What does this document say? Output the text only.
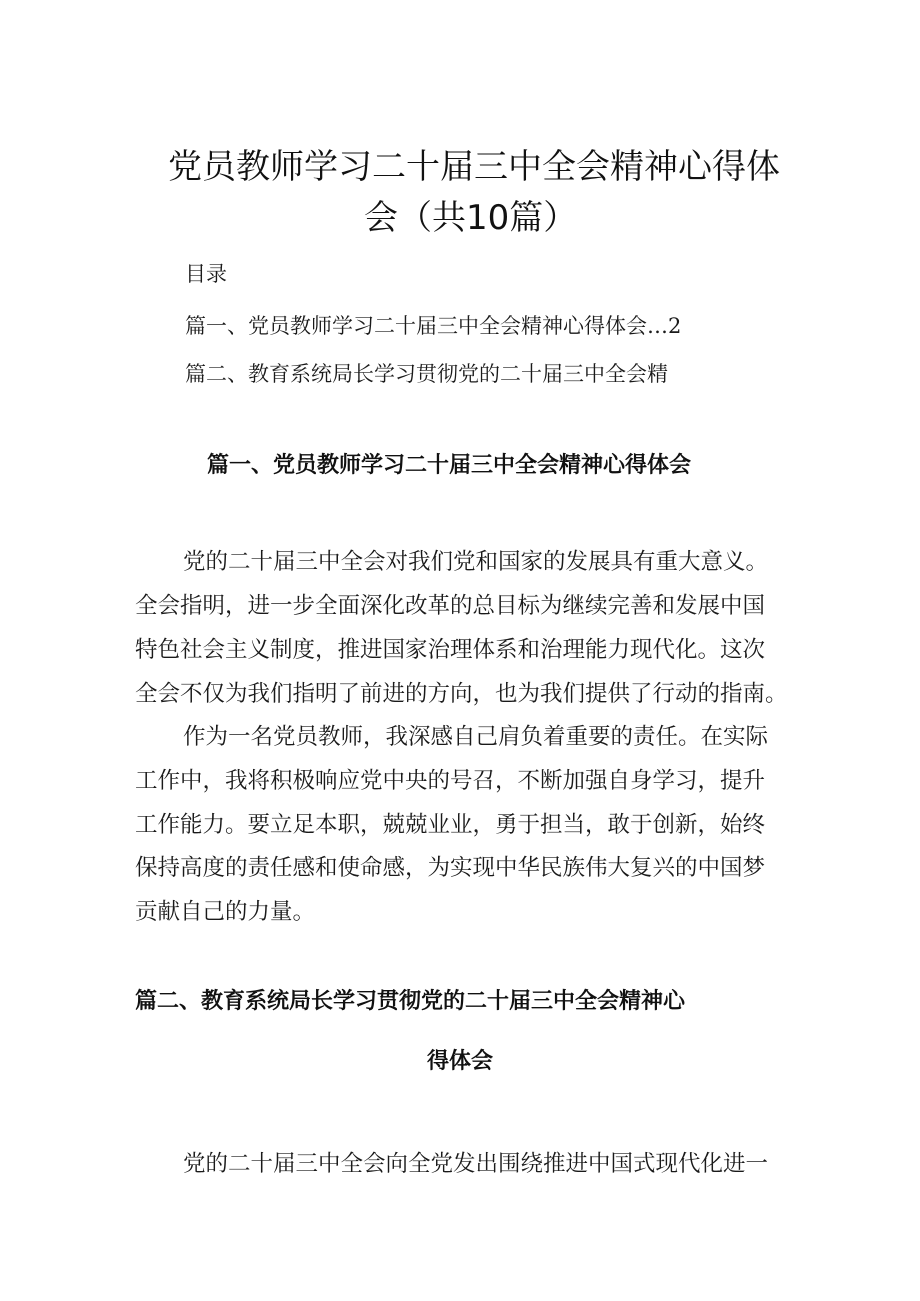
党员教师学习二十届三中全会精神心得体
会（共10篇）
目录
篇一、党员教师学习二十届三中全会精神心得体会…2
篇二、教育系统局长学习贯彻党的二十届三中全会精
篇一、党员教师学习二十届三中全会精神心得体会

党的二十届三中全会对我们党和国家的发展具有重大意义。

全会指明，进一步全面深化改革的总目标为继续完善和发展中国

特色社会主义制度，推进国家治理体系和治理能力现代化。这次

全会不仅为我们指明了前进的方向，也为我们提供了行动的指南。

作为一名党员教师，我深感自己肩负着重要的责任。在实际

工作中，我将积极响应党中央的号召，不断加强自身学习，提升

工作能力。要立足本职，兢兢业业，勇于担当，敢于创新，始终

保持高度的责任感和使命感，为实现中华民族伟大复兴的中国梦

贡献自己的力量。

篇二、教育系统局长学习贯彻党的二十届三中全会精神心
得体会

党的二十届三中全会向全党发出围绕推进中国式现代化进一
